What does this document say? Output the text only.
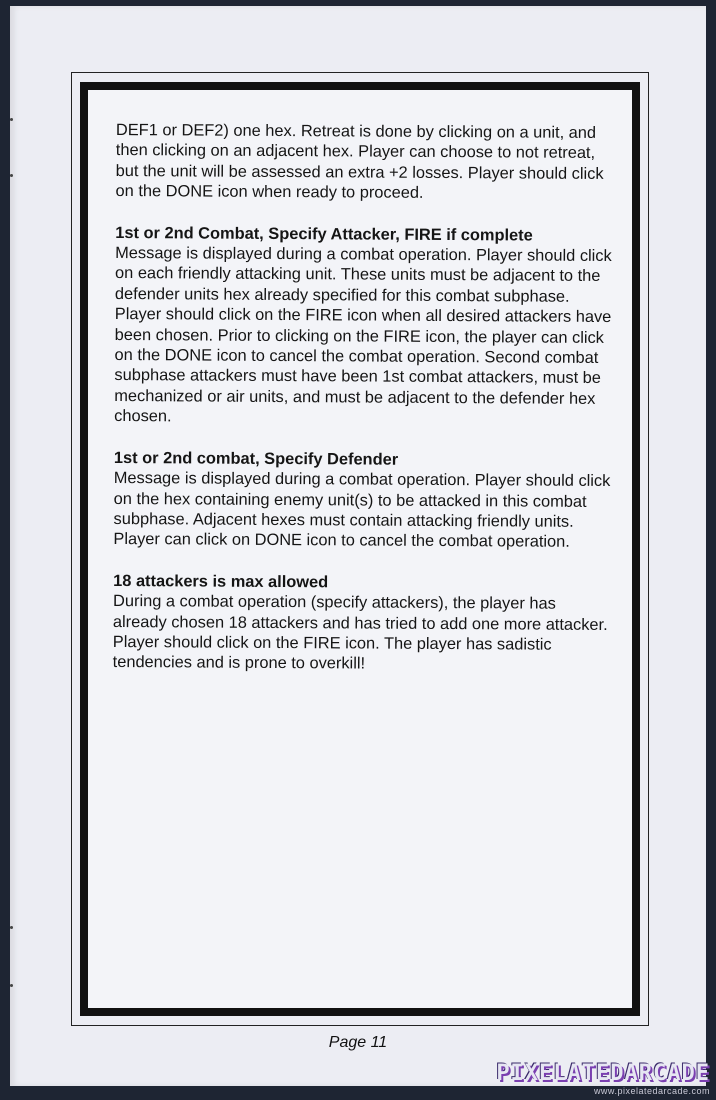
DEF1 or DEF2) one hex. Retreat is done by clicking on a unit, and then clicking on an adjacent hex. Player can choose to not retreat, but the unit will be assessed an extra +2 losses. Player should click on the DONE icon when ready to proceed.

1st or 2nd Combat, Specify Attacker, FIRE if complete

Message is displayed during a combat operation. Player should click on each friendly attacking unit. These units must be adjacent to the defender units hex already specified for this combat subphase. Player should click on the FIRE icon when all desired attackers have been chosen. Prior to clicking on the FIRE icon, the player can click on the DONE icon to cancel the combat operation. Second combat subphase attackers must have been 1st combat attackers, must be mechanized or air units, and must be adjacent to the defender hex chosen.

1st or 2nd combat, Specify Defender

Message is displayed during a combat operation. Player should click on the hex containing enemy unit(s) to be attacked in this combat subphase. Adjacent hexes must contain attacking friendly units. Player can click on DONE icon to cancel the combat operation.

18 attackers is max allowed

During a combat operation (specify attackers), the player has already chosen 18 attackers and has tried to add one more attacker. Player should click on the FIRE icon. The player has sadistic tendencies and is prone to overkill!

Page 11
PIXELATEDARCADE
www.pixelatedarcade.com
